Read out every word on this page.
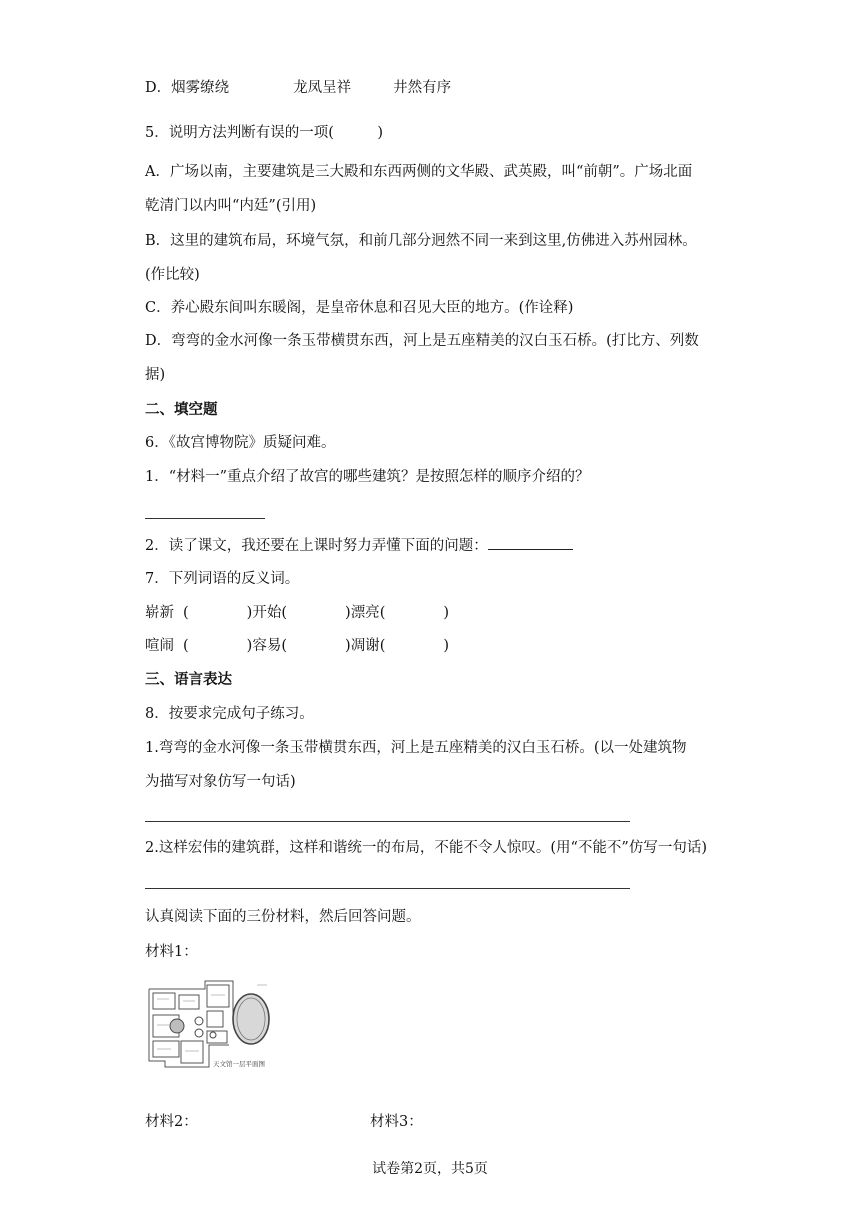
D．烟雾缭绕	龙凤呈祥	井然有序
5．说明方法判断有误的一项(　　　)
A．广场以南，主要建筑是三大殿和东西两侧的文华殿、武英殿，叫“前朝”。广场北面
乾清门以内叫“内廷”(引用)
B．这里的建筑布局，环境气氛，和前几部分迥然不同一来到这里,仿佛进入苏州园林。
(作比较)
C．养心殿东间叫东暖阁，是皇帝休息和召见大臣的地方。(作诠释)
D．弯弯的金水河像一条玉带横贯东西，河上是五座精美的汉白玉石桥。(打比方、列数
据)
二、填空题
6．《故宫博物院》质疑问难。
1．“材料一”重点介绍了故宫的哪些建筑？是按照怎样的顺序介绍的？
2．读了课文，我还要在上课时努力弄懂下面的问题：
7．下列词语的反义词。
崭新 (	)开始(	)漂亮(	)
喧闹 (	)容易(	)凋谢(	)
三、语言表达
8．按要求完成句子练习。
1.弯弯的金水河像一条玉带横贯东西，河上是五座精美的汉白玉石桥。(以一处建筑物
为描写对象仿写一句话)
2.这样宏伟的建筑群，这样和谐统一的布局，不能不令人惊叹。(用“不能不”仿写一句话)
认真阅读下面的三份材料，然后回答问题。
材料1：
天文馆一层平面图
材料2：	材料3：
试卷第2页，共5页
